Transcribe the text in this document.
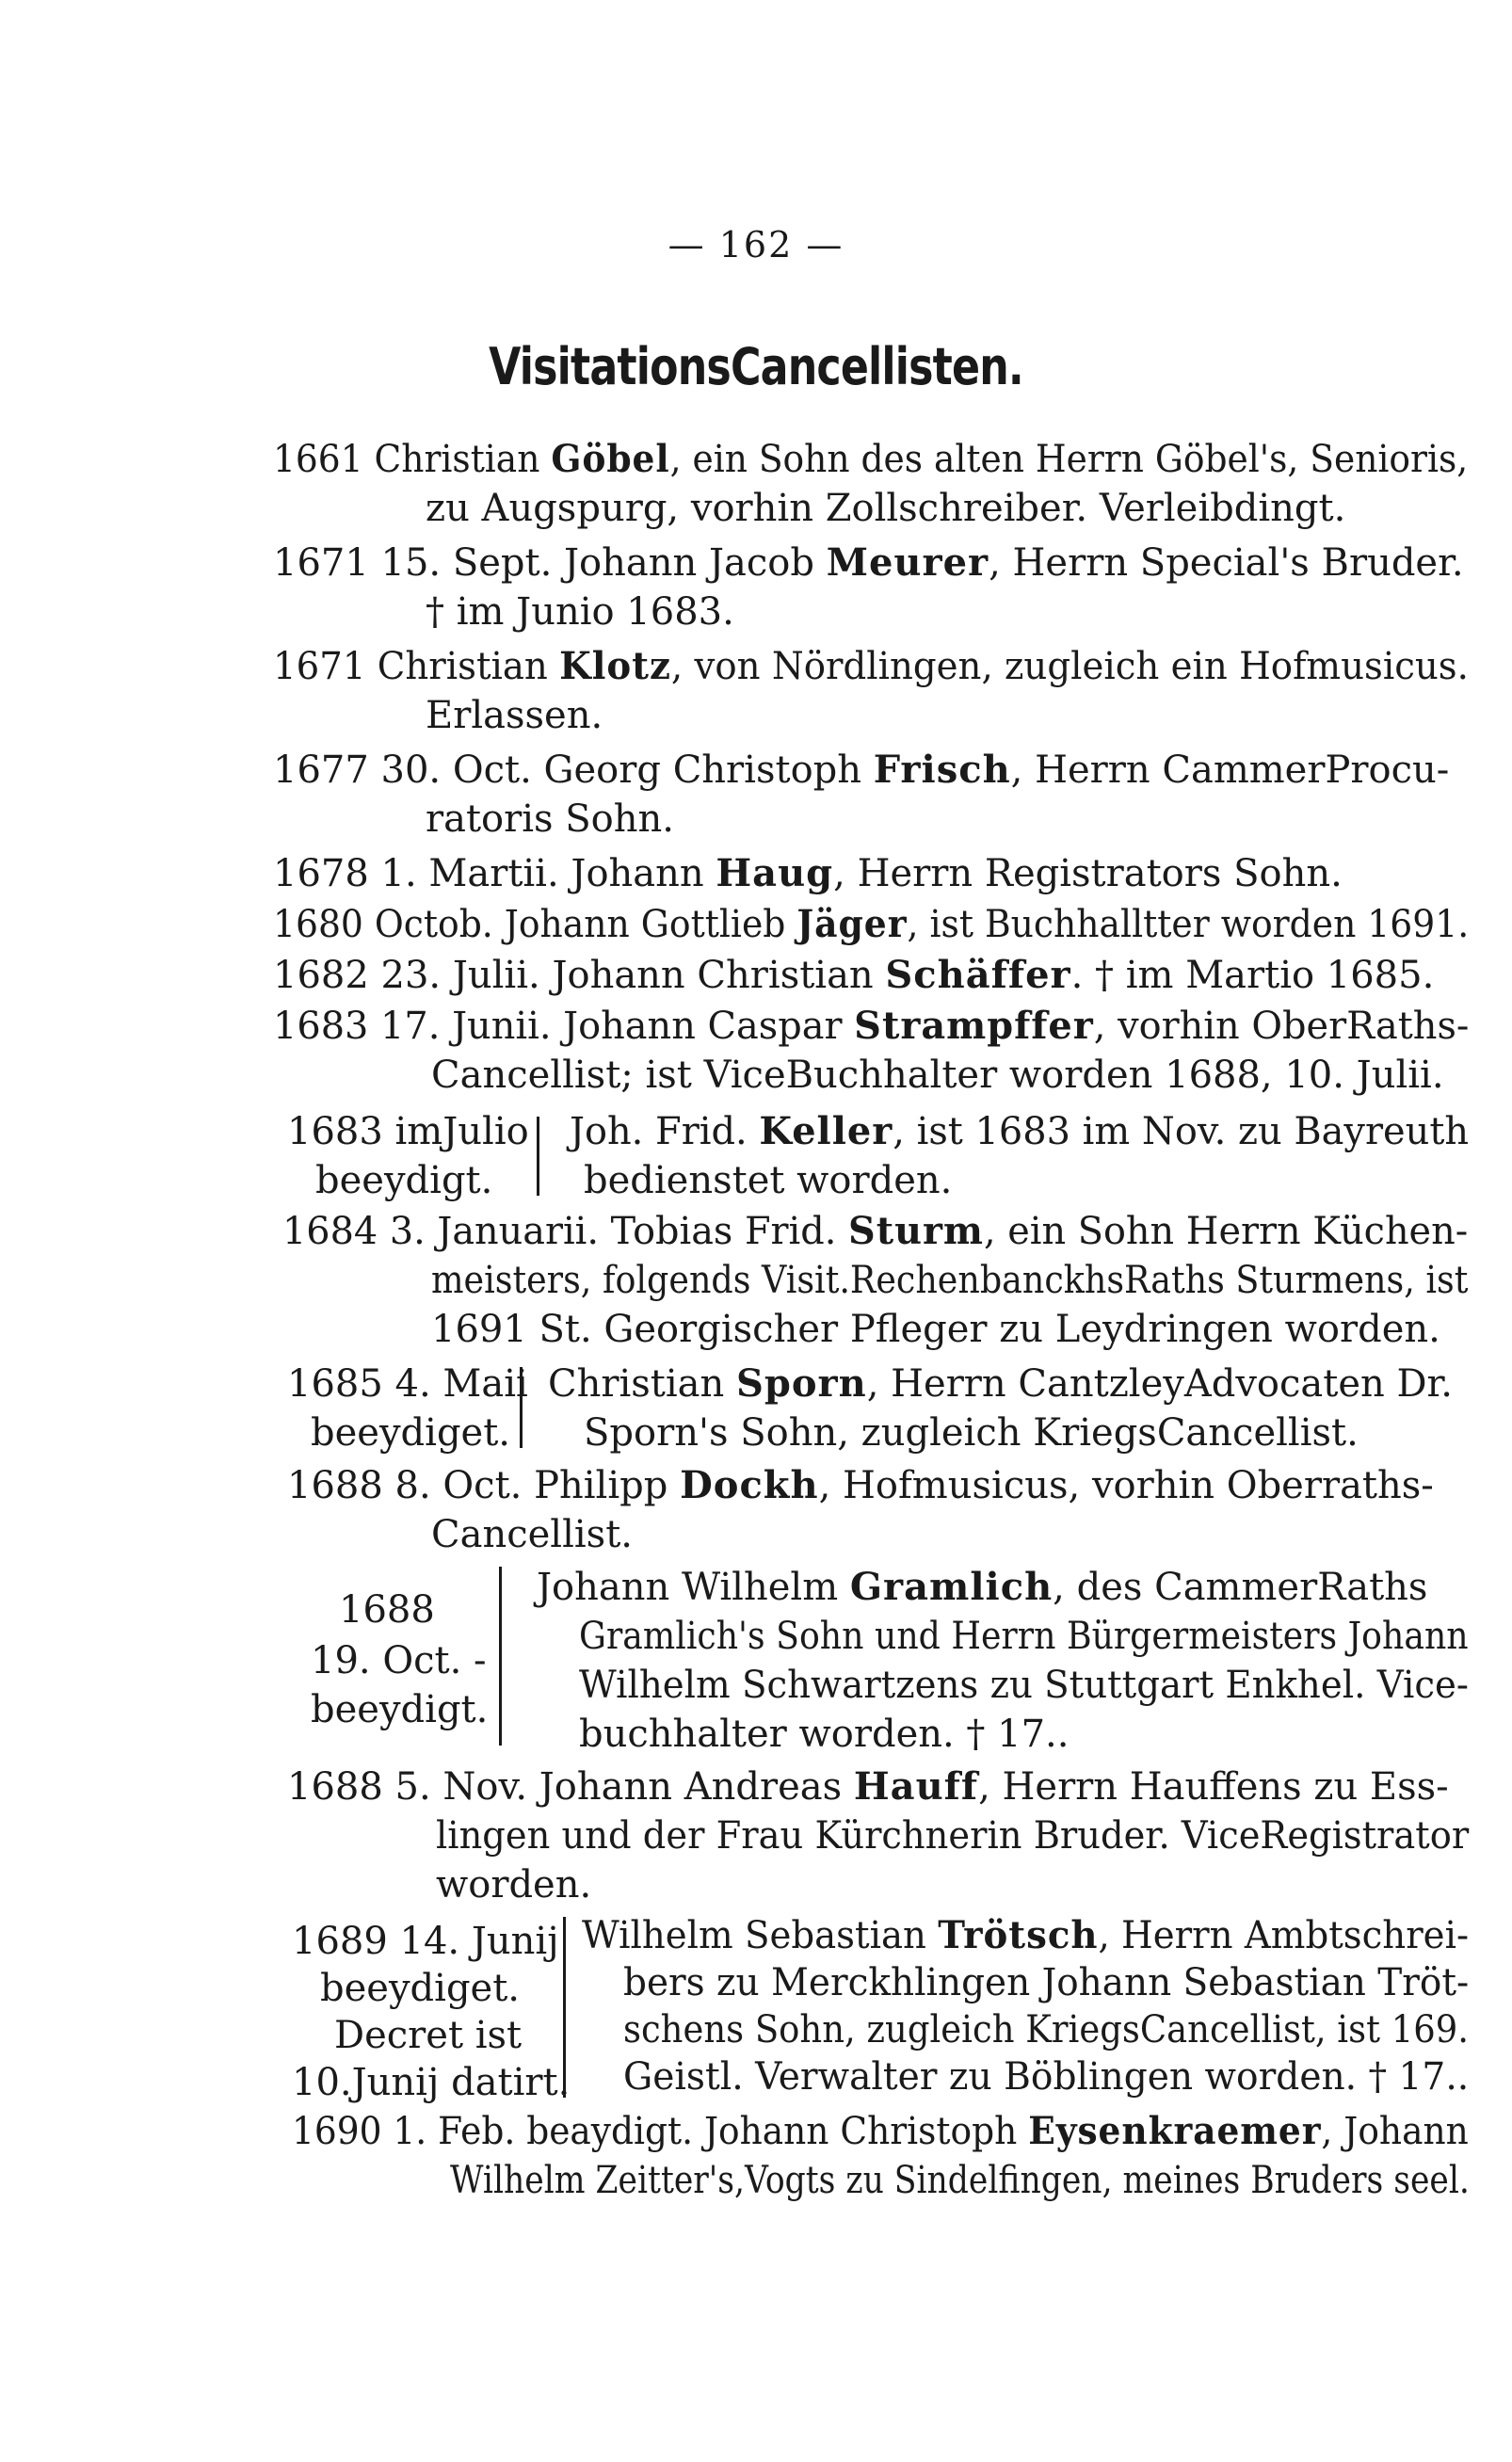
— 162 —
VisitationsCancellisten.
1661 Christian Göbel, ein Sohn des alten Herrn Göbel's, Senioris,
zu Augspurg, vorhin Zollschreiber. Verleibdingt.
1671 15. Sept. Johann Jacob Meurer, Herrn Special's Bruder.
† im Junio 1683.
1671 Christian Klotz, von Nördlingen, zugleich ein Hofmusicus.
Erlassen.
1677 30. Oct. Georg Christoph Frisch, Herrn CammerProcu-
ratoris Sohn.
1678 1. Martii. Johann Haug, Herrn Registrators Sohn.
1680 Octob. Johann Gottlieb Jäger, ist Buchhalltter worden 1691.
1682 23. Julii. Johann Christian Schäffer. † im Martio 1685.
1683 17. Junii. Johann Caspar Strampffer, vorhin OberRaths-
Cancellist; ist ViceBuchhalter worden 1688, 10. Julii.
1683 imJulio Joh. Frid. Keller, ist 1683 im Nov. zu Bayreuth
beeydigt. bedienstet worden.
1684 3. Januarii. Tobias Frid. Sturm, ein Sohn Herrn Küchen-
meisters, folgends Visit.RechenbanckhsRaths Sturmens, ist
1691 St. Georgischer Pfleger zu Leydringen worden.
1685 4. Maii Christian Sporn, Herrn CantzleyAdvocaten Dr.
beeydiget. Sporn's Sohn, zugleich KriegsCancellist.
1688 8. Oct. Philipp Dockh, Hofmusicus, vorhin Oberraths-
Cancellist.
Johann Wilhelm Gramlich, des CammerRaths
1688
Gramlich's Sohn und Herrn Bürgermeisters Johann
19. Oct. -
Wilhelm Schwartzens zu Stuttgart Enkhel. Vice-
beeydigt.
buchhalter worden. † 17..
1688 5. Nov. Johann Andreas Hauff, Herrn Hauffens zu Ess-
lingen und der Frau Kürchnerin Bruder. ViceRegistrator
worden.
1689 14. Junij Wilhelm Sebastian Trötsch, Herrn Ambtschrei-
beeydiget.	bers zu Merckhlingen Johann Sebastian Tröt-
Decret ist	schens Sohn, zugleich KriegsCancellist, ist 169.
10.Junij datirt. Geistl. Verwalter zu Böblingen worden. † 17..
1690 1. Feb. beaydigt. Johann Christoph Eysenkraemer, Johann
Wilhelm Zeitter's,Vogts zu Sindelfingen, meines Bruders seel.
